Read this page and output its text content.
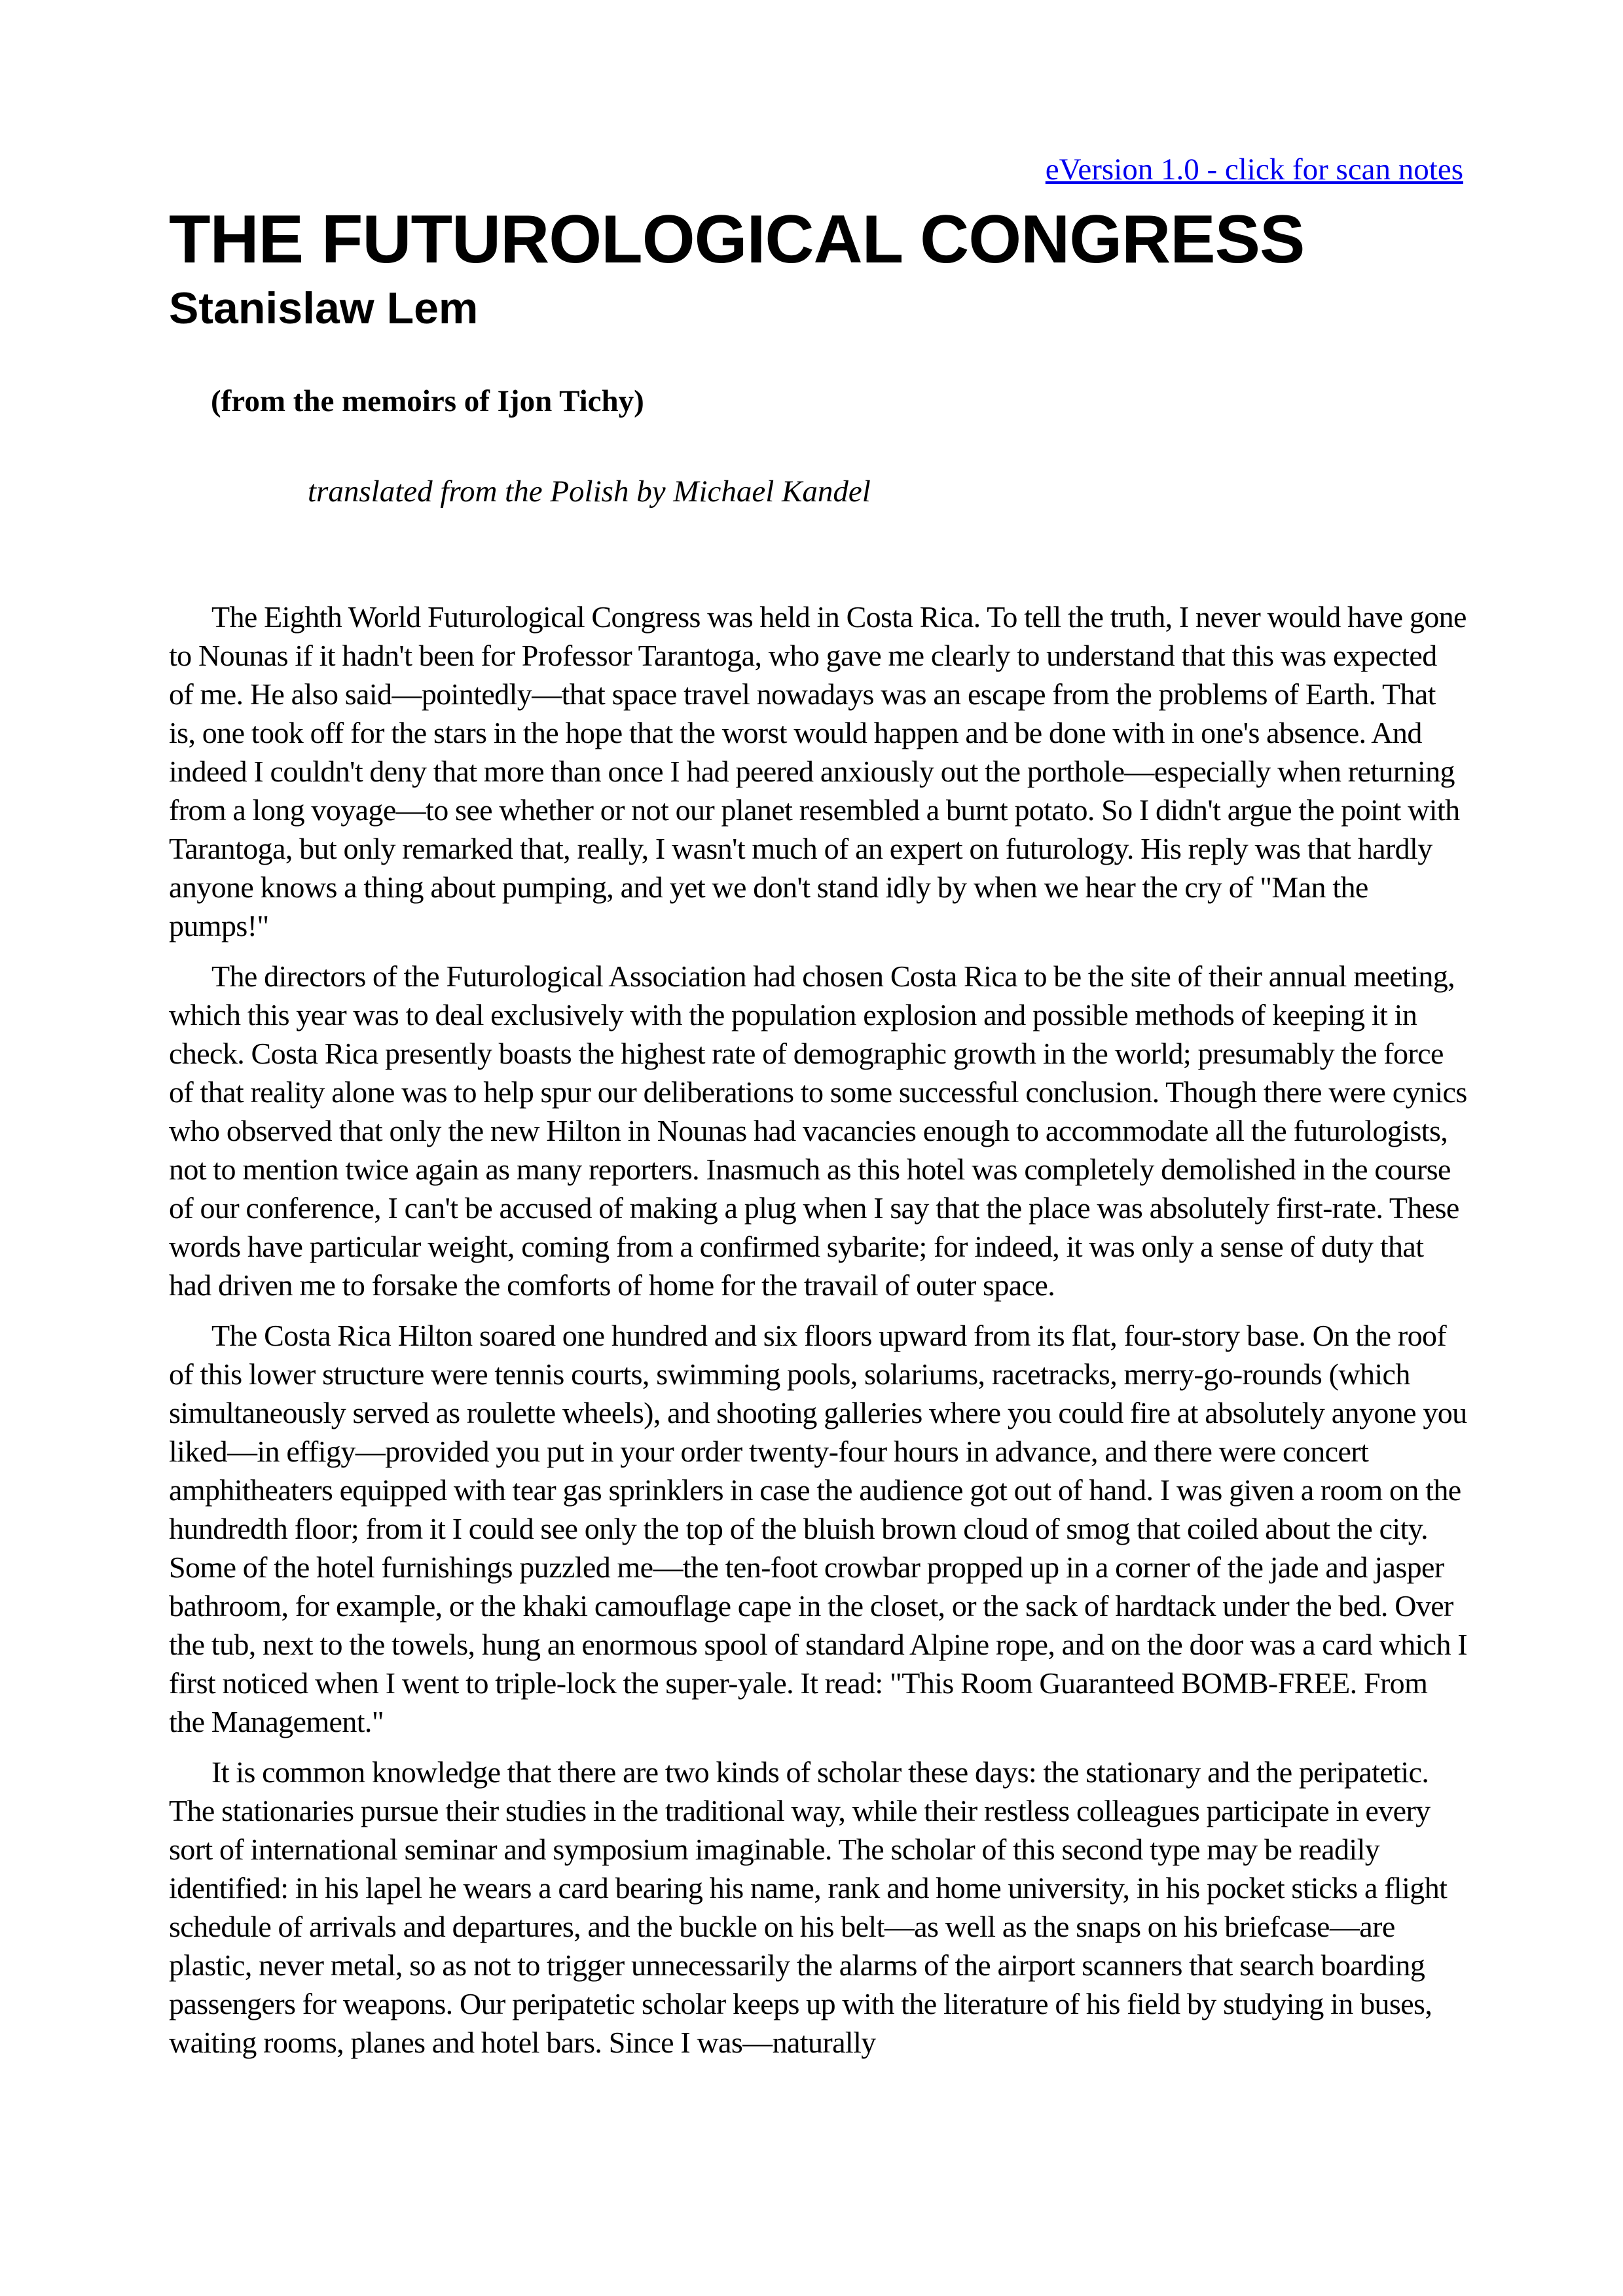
eVersion 1.0 - click for scan notes
THE FUTUROLOGICAL CONGRESS
Stanislaw Lem

(from the memoirs of Ijon Tichy)

translated from the Polish by Michael Kandel

The Eighth World Futurological Congress was held in Costa Rica. To tell the truth, I never would have gone to Nounas if it hadn't been for Professor Tarantoga, who gave me clearly to understand that this was expected of me. He also said—pointedly—that space travel nowadays was an escape from the problems of Earth. That is, one took off for the stars in the hope that the worst would happen and be done with in one's absence. And indeed I couldn't deny that more than once I had peered anxiously out the porthole—especially when returning from a long voyage—to see whether or not our planet resembled a burnt potato. So I didn't argue the point with Tarantoga, but only remarked that, really, I wasn't much of an expert on futurology. His reply was that hardly anyone knows a thing about pumping, and yet we don't stand idly by when we hear the cry of "Man the pumps!"

The directors of the Futurological Association had chosen Costa Rica to be the site of their annual meeting, which this year was to deal exclusively with the population explosion and possible methods of keeping it in check. Costa Rica presently boasts the highest rate of demographic growth in the world; presumably the force of that reality alone was to help spur our deliberations to some successful conclusion. Though there were cynics who observed that only the new Hilton in Nounas had vacancies enough to accommodate all the futurologists, not to mention twice again as many reporters. Inasmuch as this hotel was completely demolished in the course of our conference, I can't be accused of making a plug when I say that the place was absolutely first-rate. These words have particular weight, coming from a confirmed sybarite; for indeed, it was only a sense of duty that had driven me to forsake the comforts of home for the travail of outer space.

The Costa Rica Hilton soared one hundred and six floors upward from its flat, four-story base. On the roof of this lower structure were tennis courts, swimming pools, solariums, racetracks, merry-go-rounds (which simultaneously served as roulette wheels), and shooting galleries where you could fire at absolutely anyone you liked—in effigy—provided you put in your order twenty-four hours in advance, and there were concert amphitheaters equipped with tear gas sprinklers in case the audience got out of hand. I was given a room on the hundredth floor; from it I could see only the top of the bluish brown cloud of smog that coiled about the city. Some of the hotel furnishings puzzled me—the ten-foot crowbar propped up in a corner of the jade and jasper bathroom, for example, or the khaki camouflage cape in the closet, or the sack of hardtack under the bed. Over the tub, next to the towels, hung an enormous spool of standard Alpine rope, and on the door was a card which I first noticed when I went to triple-lock the super-yale. It read: "This Room Guaranteed BOMB-FREE. From the Management."

It is common knowledge that there are two kinds of scholar these days: the stationary and the peripatetic. The stationaries pursue their studies in the traditional way, while their restless colleagues participate in every sort of international seminar and symposium imaginable. The scholar of this second type may be readily identified: in his lapel he wears a card bearing his name, rank and home university, in his pocket sticks a flight schedule of arrivals and departures, and the buckle on his belt—as well as the snaps on his briefcase—are plastic, never metal, so as not to trigger unnecessarily the alarms of the airport scanners that search boarding passengers for weapons. Our peripatetic scholar keeps up with the literature of his field by studying in buses, waiting rooms, planes and hotel bars. Since I was—naturally
